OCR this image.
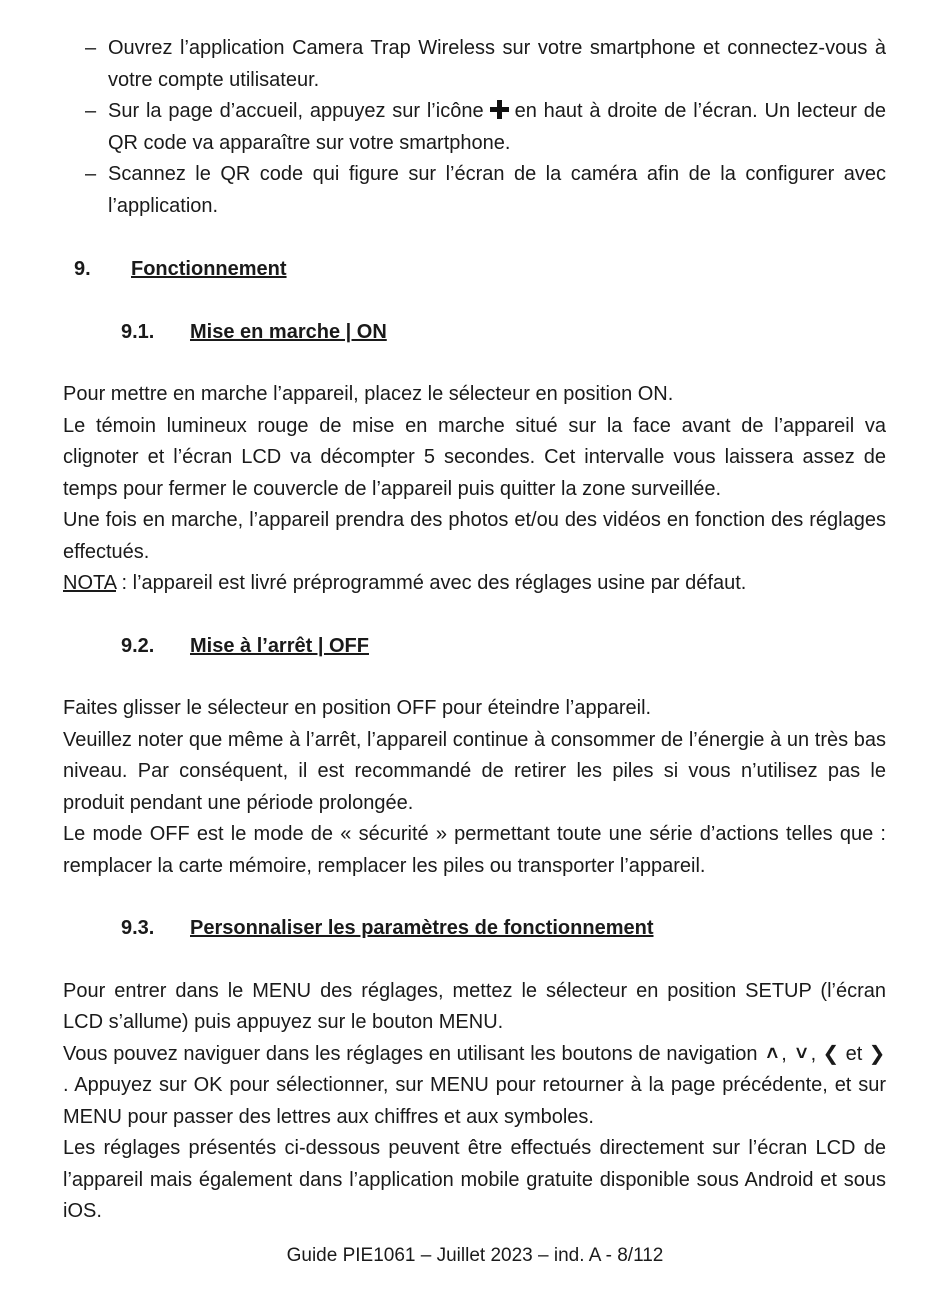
– Ouvrez l’application Camera Trap Wireless sur votre smartphone et connectez-vous à votre compte utilisateur.
– Sur la page d’accueil, appuyez sur l’icône en haut à droite de l’écran. Un lecteur de QR code va apparaître sur votre smartphone.
– Scannez le QR code qui figure sur l’écran de la caméra afin de la configurer avec l’application.
9.	Fonctionnement
9.1.	Mise en marche | ON

Pour mettre en marche l’appareil, placez le sélecteur en position ON.

Le témoin lumineux rouge de mise en marche situé sur la face avant de l’appareil va clignoter et l’écran LCD va décompter 5 secondes. Cet intervalle vous laissera assez de temps pour fermer le couvercle de l’appareil puis quitter la zone surveillée.

Une fois en marche, l’appareil prendra des photos et/ou des vidéos en fonction des réglages effectués.

NOTA : l’appareil est livré préprogrammé avec des réglages usine par défaut.

9.2.	Mise à l’arrêt | OFF

Faites glisser le sélecteur en position OFF pour éteindre l’appareil.

Veuillez noter que même à l’arrêt, l’appareil continue à consommer de l’énergie à un très bas niveau. Par conséquent, il est recommandé de retirer les piles si vous n’utilisez pas le produit pendant une période prolongée.

Le mode OFF est le mode de « sécurité » permettant toute une série d’actions telles que : remplacer la carte mémoire, remplacer les piles ou transporter l’appareil.

9.3.	Personnaliser les paramètres de fonctionnement

Pour entrer dans le MENU des réglages, mettez le sélecteur en position SETUP (l’écran LCD s’allume) puis appuyez sur le bouton MENU.

Vous pouvez naviguer dans les réglages en utilisant les boutons de navigation ˄ , ˅ , ❮ et ❯. Appuyez sur OK pour sélectionner, sur MENU pour retourner à la page précédente, et sur MENU pour passer des lettres aux chiffres et aux symboles.

Les réglages présentés ci-dessous peuvent être effectués directement sur l’écran LCD de l’appareil mais également dans l’application mobile gratuite disponible sous Android et sous iOS.

Guide PIE1061 – Juillet 2023 – ind. A - 8/112
